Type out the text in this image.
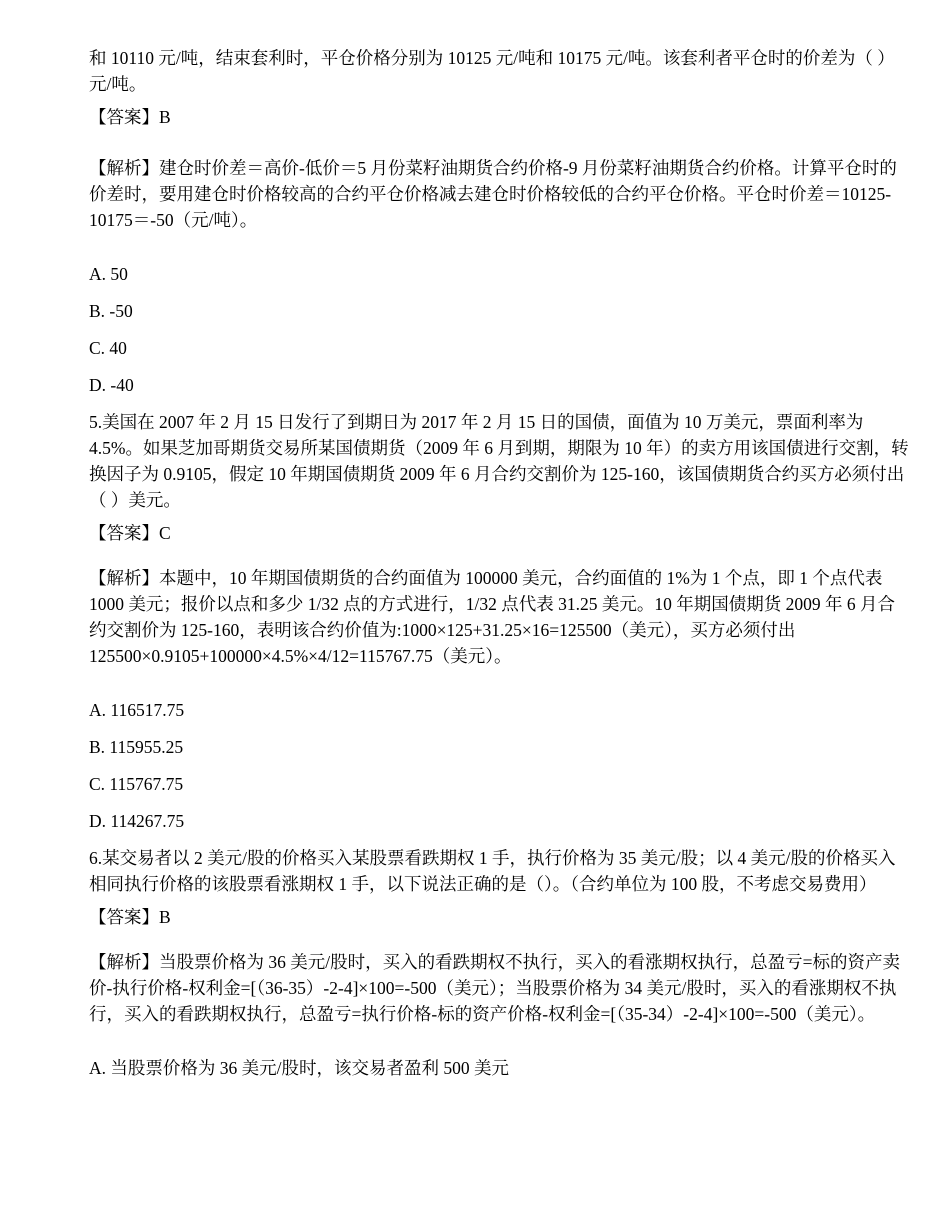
和 10110 元/吨，结束套利时，平仓价格分别为 10125 元/吨和 10175 元/吨。该套利者平仓时的价差为（ ）元/吨。

【答案】B

【解析】建仓时价差＝高价-低价＝5 月份菜籽油期货合约价格-9 月份菜籽油期货合约价格。计算平仓时的价差时，要用建仓时价格较高的合约平仓价格减去建仓时价格较低的合约平仓价格。平仓时价差＝10125-10175＝-50（元/吨）。

A. 50

B. -50

C. 40

D. -40

5.美国在 2007 年 2 月 15 日发行了到期日为 2017 年 2 月 15 日的国债，面值为 10 万美元，票面利率为 4.5%。如果芝加哥期货交易所某国债期货（2009 年 6 月到期，期限为 10 年）的卖方用该国债进行交割，转换因子为 0.9105，假定 10 年期国债期货 2009 年 6 月合约交割价为 125-160，该国债期货合约买方必须付出（ ）美元。

【答案】C

【解析】本题中，10 年期国债期货的合约面值为 100000 美元，合约面值的 1%为 1 个点，即 1 个点代表 1000 美元；报价以点和多少 1/32 点的方式进行，1/32 点代表 31.25 美元。10 年期国债期货 2009 年 6 月合约交割价为 125-160，表明该合约价值为:1000×125+31.25×16=125500（美元），买方必须付出 125500×0.9105+100000×4.5%×4/12=115767.75（美元）。

A. 116517.75

B. 115955.25

C. 115767.75

D. 114267.75

6.某交易者以 2 美元/股的价格买入某股票看跌期权 1 手，执行价格为 35 美元/股；以 4 美元/股的价格买入相同执行价格的该股票看涨期权 1 手，以下说法正确的是（）。（合约单位为 100 股，不考虑交易费用）

【答案】B

【解析】当股票价格为 36 美元/股时，买入的看跌期权不执行，买入的看涨期权执行，总盈亏=标的资产卖价-执行价格-权利金=[（36-35）-2-4]×100=-500（美元）；当股票价格为 34 美元/股时，买入的看涨期权不执行，买入的看跌期权执行，总盈亏=执行价格-标的资产价格-权利金=[（35-34）-2-4]×100=-500（美元）。

A. 当股票价格为 36 美元/股时，该交易者盈利 500 美元
